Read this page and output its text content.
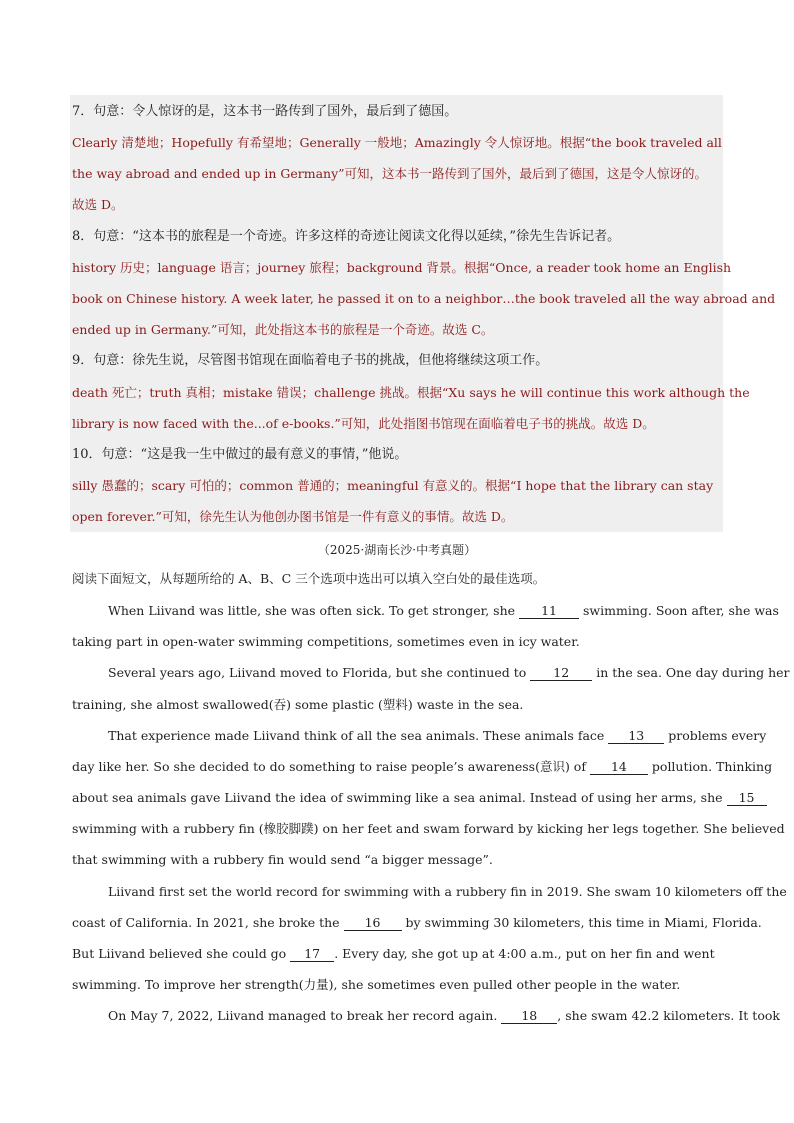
7．句意：令人惊讶的是，这本书一路传到了国外，最后到了德国。
Clearly 清楚地；Hopefully 有希望地；Generally 一般地；Amazingly 令人惊讶地。根据“the book traveled all
the way abroad and ended up in Germany”可知，这本书一路传到了国外，最后到了德国，这是令人惊讶的。
故选 D。
8．句意：“这本书的旅程是一个奇迹。许多这样的奇迹让阅读文化得以延续，”徐先生告诉记者。
history 历史；language 语言；journey 旅程；background 背景。根据“Once, a reader took home an English
book on Chinese history. A week later, he passed it on to a neighbor…the book traveled all the way abroad and
ended up in Germany.”可知，此处指这本书的旅程是一个奇迹。故选 C。
9．句意：徐先生说，尽管图书馆现在面临着电子书的挑战，但他将继续这项工作。
death 死亡；truth 真相；mistake 错误；challenge 挑战。根据“Xu says he will continue this work although the
library is now faced with the...of e-books.”可知，此处指图书馆现在面临着电子书的挑战。故选 D。
10．句意：“这是我一生中做过的最有意义的事情，”他说。
silly 愚蠢的；scary 可怕的；common 普通的；meaningful 有意义的。根据“I hope that the library can stay
open forever.”可知，徐先生认为他创办图书馆是一件有意义的事情。故选 D。
（2025·湖南长沙·中考真题）
阅读下面短文，从每题所给的 A、B、C 三个选项中选出可以填入空白处的最佳选项。
When Liivand was little, she was often sick. To get stronger, she 11 swimming. Soon after, she was
taking part in open-water swimming competitions, sometimes even in icy water.
Several years ago, Liivand moved to Florida, but she continued to 12 in the sea. One day during her
training, she almost swallowed(吞) some plastic (塑料) waste in the sea.
That experience made Liivand think of all the sea animals. These animals face 13 problems every
day like her. So she decided to do something to raise people’s awareness(意识) of 14 pollution. Thinking
about sea animals gave Liivand the idea of swimming like a sea animal. Instead of using her arms, she 15
swimming with a rubbery fin (橡胶脚蹼) on her feet and swam forward by kicking her legs together. She believed
that swimming with a rubbery fin would send “a bigger message”.
Liivand first set the world record for swimming with a rubbery fin in 2019. She swam 10 kilometers off the
coast of California. In 2021, she broke the 16 by swimming 30 kilometers, this time in Miami, Florida.
But Liivand believed she could go 17 . Every day, she got up at 4:00 a.m., put on her fin and went
swimming. To improve her strength(力量), she sometimes even pulled other people in the water.
On May 7, 2022, Liivand managed to break her record again. 18 , she swam 42.2 kilometers. It took
